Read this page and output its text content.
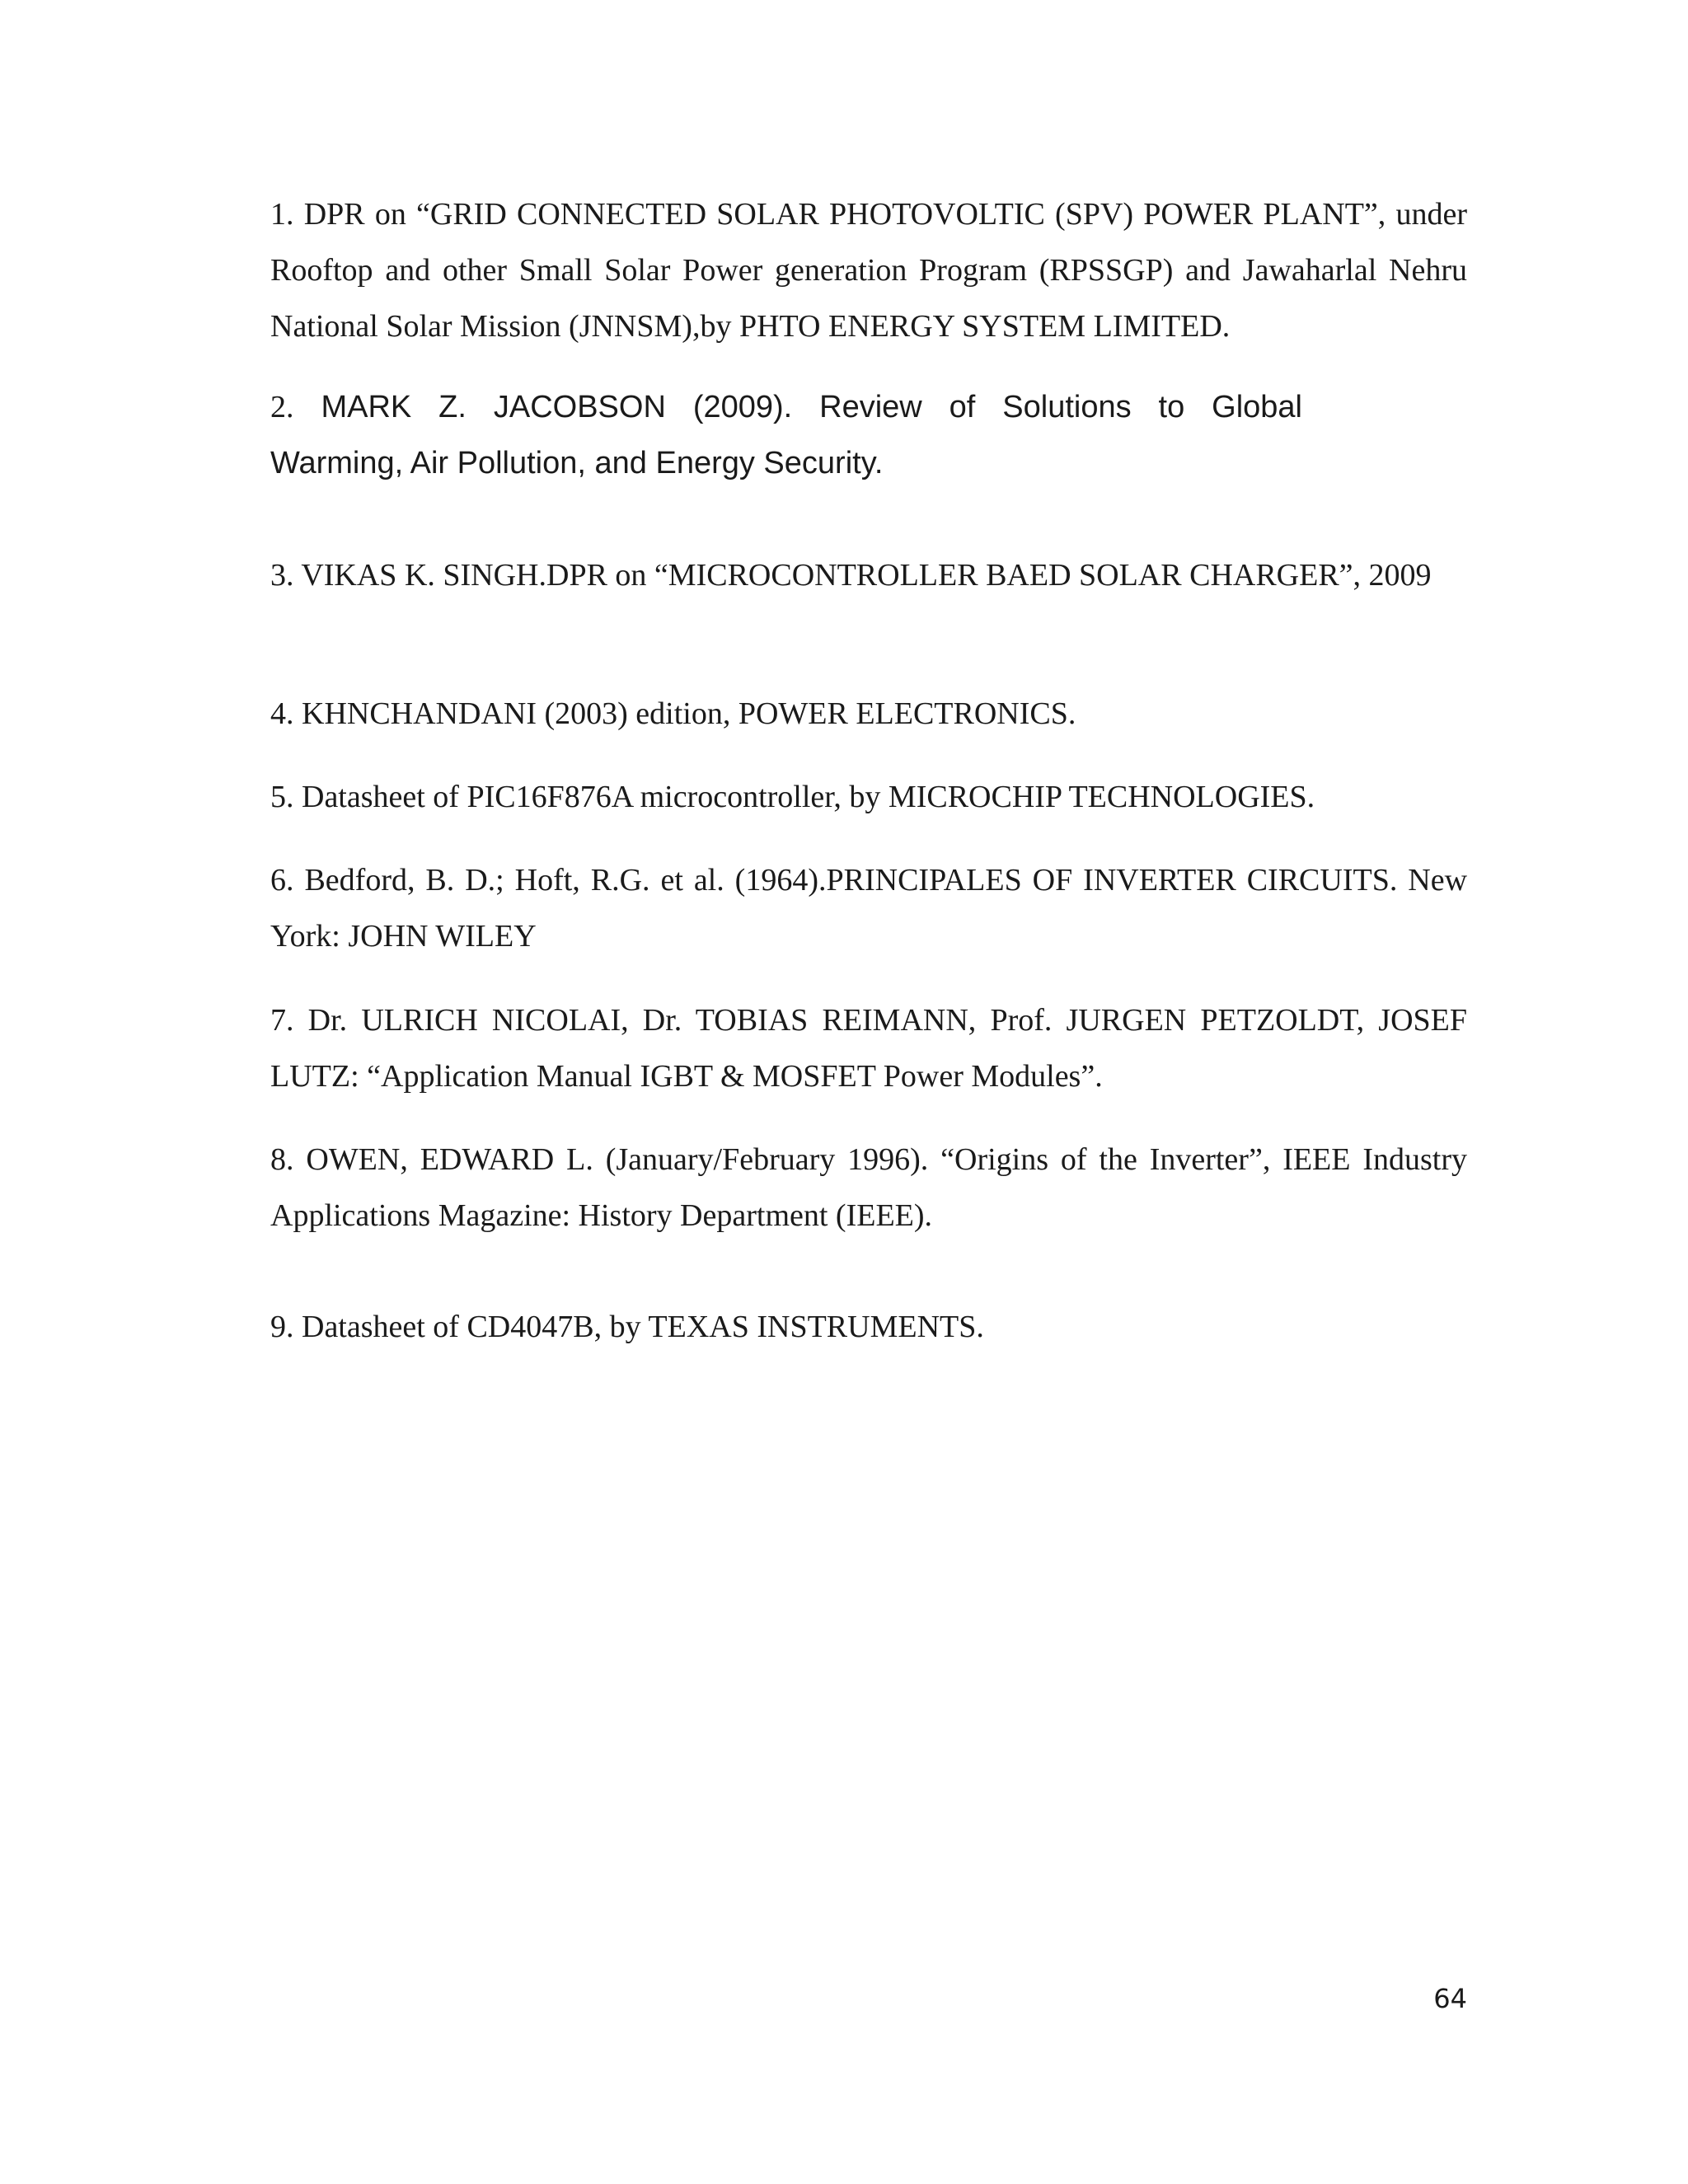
1. DPR on “GRID CONNECTED SOLAR PHOTOVOLTIC (SPV) POWER PLANT”, under Rooftop and other Small Solar Power generation Program (RPSSGP) and Jawaharlal Nehru National Solar Mission (JNNSM),by PHTO ENERGY SYSTEM LIMITED.

2. MARK Z. JACOBSON (2009). Review of Solutions to Global
Warming, Air Pollution, and Energy Security.

3. VIKAS K. SINGH.DPR on “MICROCONTROLLER BAED SOLAR CHARGER”, 2009

4. KHNCHANDANI (2003) edition, POWER ELECTRONICS.

5. Datasheet of PIC16F876A microcontroller, by MICROCHIP TECHNOLOGIES.

6. Bedford, B. D.; Hoft, R.G. et al. (1964).PRINCIPALES OF INVERTER CIRCUITS. New York: JOHN WILEY

7. Dr. ULRICH NICOLAI, Dr. TOBIAS REIMANN, Prof. JURGEN PETZOLDT, JOSEF LUTZ: “Application Manual IGBT & MOSFET Power Modules”.

8. OWEN, EDWARD L. (January/February 1996). “Origins of the Inverter”, IEEE Industry Applications Magazine: History Department (IEEE).

9. Datasheet of CD4047B, by TEXAS INSTRUMENTS.

64
